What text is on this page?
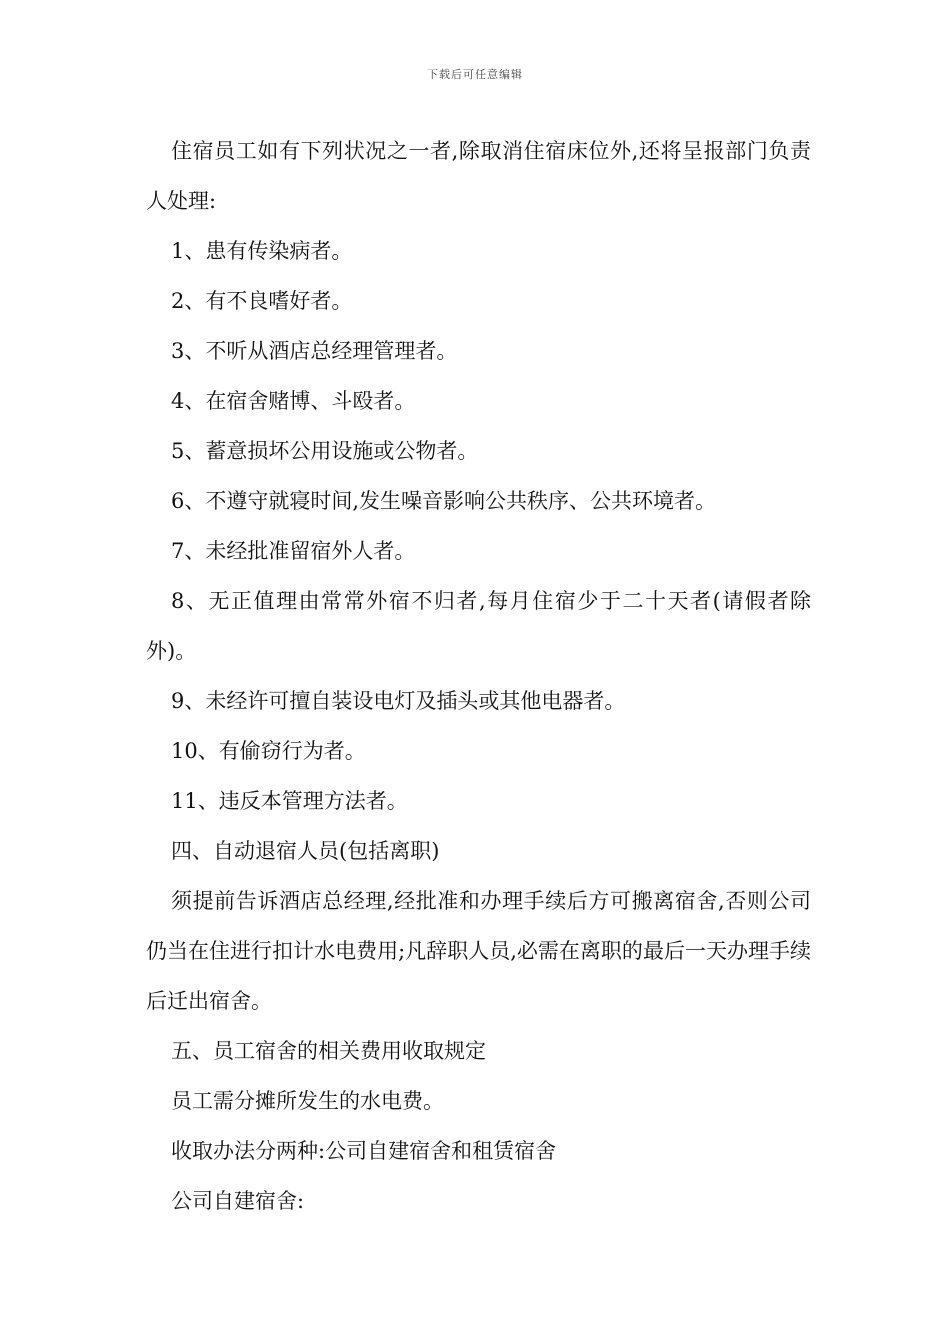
下载后可任意编辑

住宿员工如有下列状况之一者,除取消住宿床位外,还将呈报部门负责人处理:

1、患有传染病者。

2、有不良嗜好者。

3、不听从酒店总经理管理者。

4、在宿舍赌博、斗殴者。

5、蓄意损坏公用设施或公物者。

6、不遵守就寝时间,发生噪音影响公共秩序、公共环境者。

7、未经批准留宿外人者。

8、无正值理由常常外宿不归者,每月住宿少于二十天者(请假者除外)。

9、未经许可擅自装设电灯及插头或其他电器者。

10、有偷窃行为者。

11、违反本管理方法者。

四、自动退宿人员(包括离职)

须提前告诉酒店总经理,经批准和办理手续后方可搬离宿舍,否则公司仍当在住进行扣计水电费用;凡辞职人员,必需在离职的最后一天办理手续后迁出宿舍。

五、员工宿舍的相关费用收取规定

员工需分摊所发生的水电费。

收取办法分两种:公司自建宿舍和租赁宿舍

公司自建宿舍:
